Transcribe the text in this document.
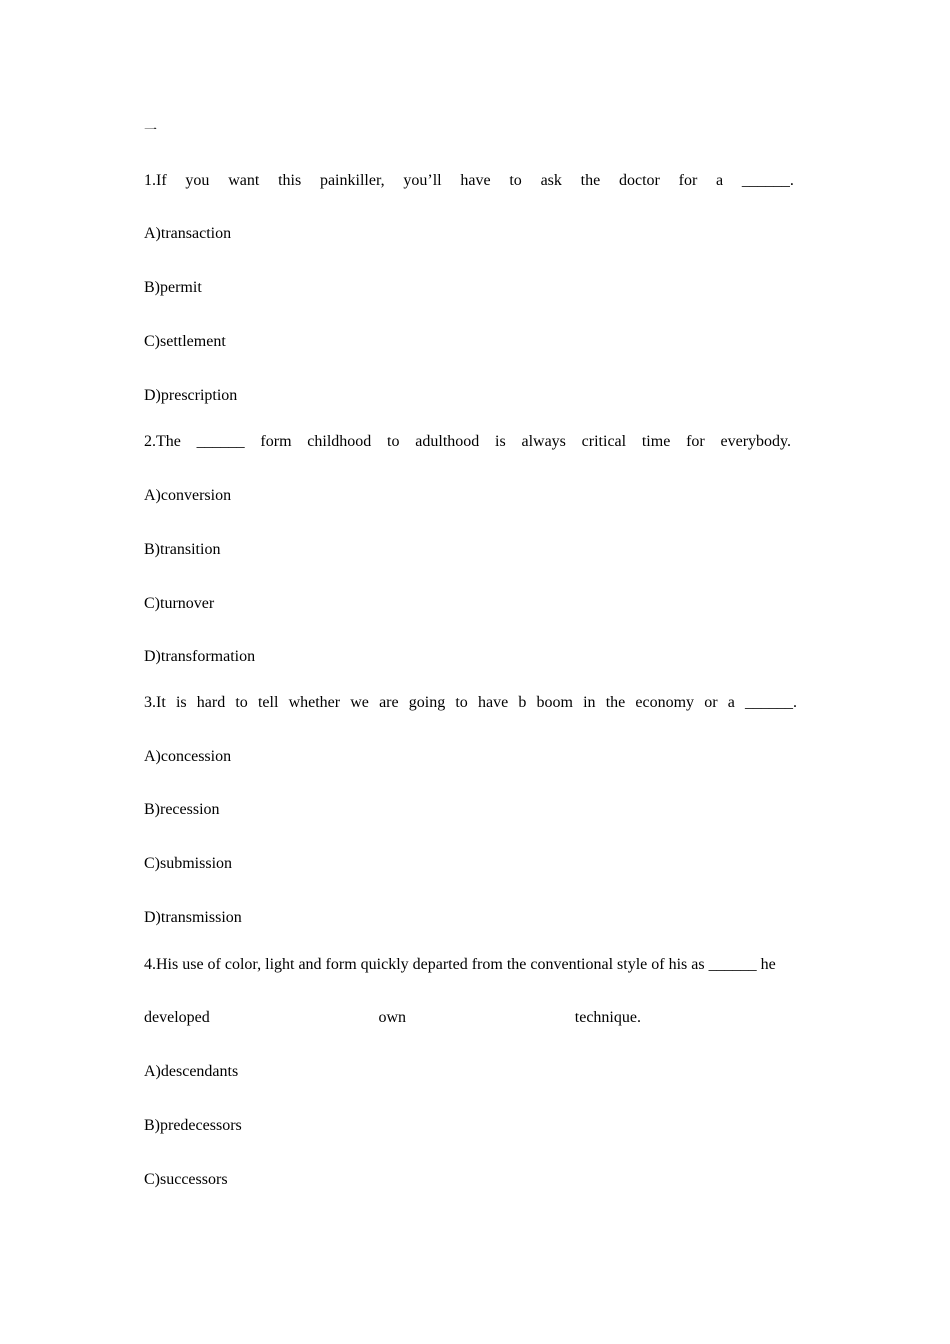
一
1.If you want this painkiller, you’ll have to ask the doctor for a ______.
A)transaction
B)permit
C)settlement
D)prescription
2.The ______ form childhood to adulthood is always critical time for everybody.
A)conversion
B)transition
C)turnover
D)transformation
3.It is hard to tell whether we are going to have b boom in the economy or a ______.
A)concession
B)recession
C)submission
D)transmission
4.His use of color, light and form quickly departed from the conventional style of his as ______ he
developed	own	technique.
A)descendants
B)predecessors
C)successors
